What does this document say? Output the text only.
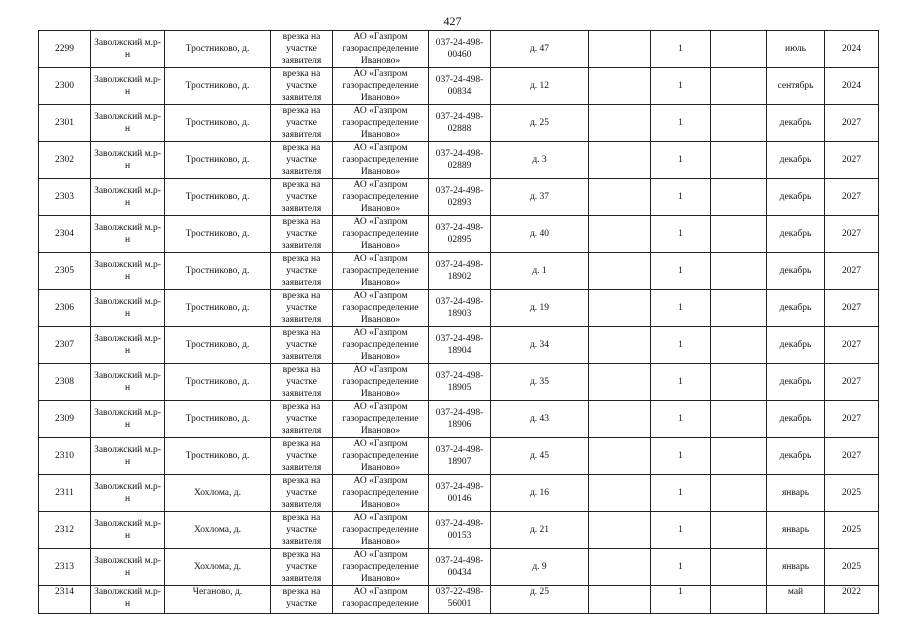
427
2299	Заволжский м.р-н	Тростниково, д.	врезка на участке заявителя	АО «Газпром газораспределение Иваново»	037-24-498-00460	д. 47		1		июль	2024
2300	Заволжский м.р-н	Тростниково, д.	врезка на участке заявителя	АО «Газпром газораспределение Иваново»	037-24-498-00834	д. 12		1		сентябрь	2024
2301	Заволжский м.р-н	Тростниково, д.	врезка на участке заявителя	АО «Газпром газораспределение Иваново»	037-24-498-02888	д. 25		1		декабрь	2027
2302	Заволжский м.р-н	Тростниково, д.	врезка на участке заявителя	АО «Газпром газораспределение Иваново»	037-24-498-02889	д. 3		1		декабрь	2027
2303	Заволжский м.р-н	Тростниково, д.	врезка на участке заявителя	АО «Газпром газораспределение Иваново»	037-24-498-02893	д. 37		1		декабрь	2027
2304	Заволжский м.р-н	Тростниково, д.	врезка на участке заявителя	АО «Газпром газораспределение Иваново»	037-24-498-02895	д. 40		1		декабрь	2027
2305	Заволжский м.р-н	Тростниково, д.	врезка на участке заявителя	АО «Газпром газораспределение Иваново»	037-24-498-18902	д. 1		1		декабрь	2027
2306	Заволжский м.р-н	Тростниково, д.	врезка на участке заявителя	АО «Газпром газораспределение Иваново»	037-24-498-18903	д. 19		1		декабрь	2027
2307	Заволжский м.р-н	Тростниково, д.	врезка на участке заявителя	АО «Газпром газораспределение Иваново»	037-24-498-18904	д. 34		1		декабрь	2027
2308	Заволжский м.р-н	Тростниково, д.	врезка на участке заявителя	АО «Газпром газораспределение Иваново»	037-24-498-18905	д. 35		1		декабрь	2027
2309	Заволжский м.р-н	Тростниково, д.	врезка на участке заявителя	АО «Газпром газораспределение Иваново»	037-24-498-18906	д. 43		1		декабрь	2027
2310	Заволжский м.р-н	Тростниково, д.	врезка на участке заявителя	АО «Газпром газораспределение Иваново»	037-24-498-18907	д. 45		1		декабрь	2027
2311	Заволжский м.р-н	Хохлома, д.	врезка на участке заявителя	АО «Газпром газораспределение Иваново»	037-24-498-00146	д. 16		1		январь	2025
2312	Заволжский м.р-н	Хохлома, д.	врезка на участке заявителя	АО «Газпром газораспределение Иваново»	037-24-498-00153	д. 21		1		январь	2025
2313	Заволжский м.р-н	Хохлома, д.	врезка на участке заявителя	АО «Газпром газораспределение Иваново»	037-24-498-00434	д. 9		1		январь	2025
2314	Заволжский м.р-н	Чеганово, д.	врезка на участке	АО «Газпром газораспределение	037-22-498-56001	д. 25		1		май	2022
